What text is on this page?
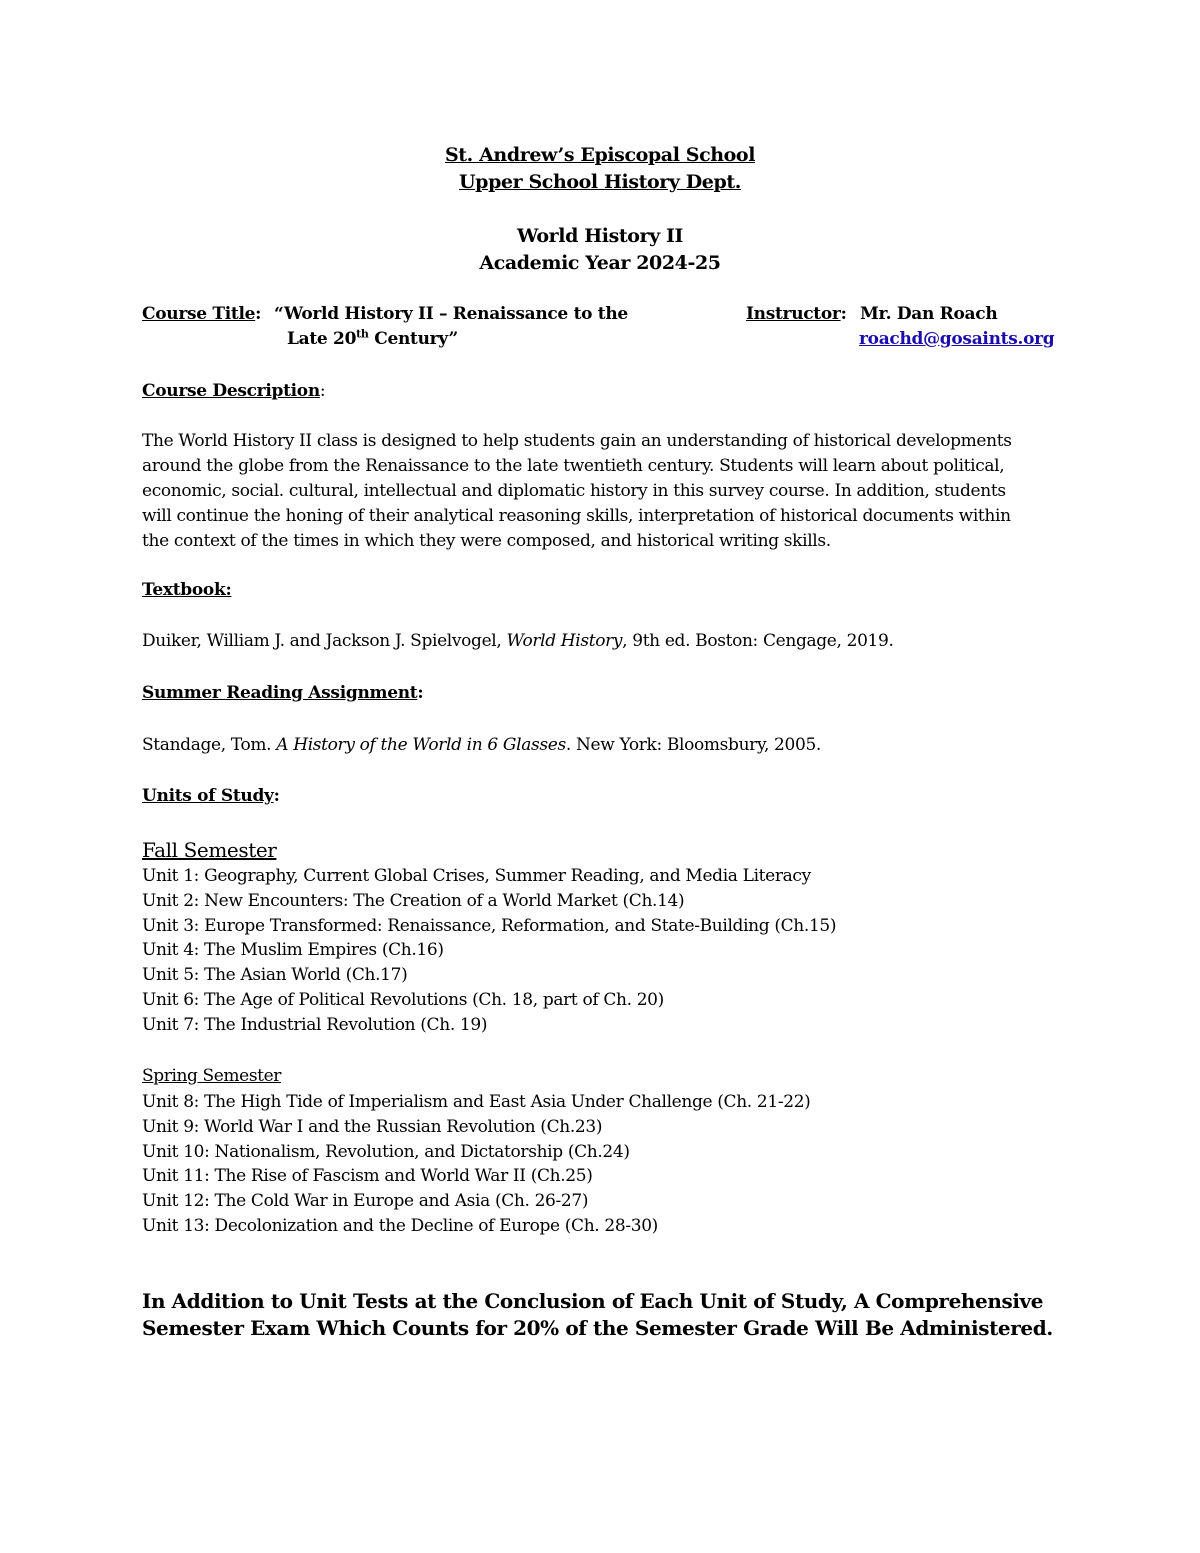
St. Andrew’s Episcopal School
Upper School History Dept.
World History II
Academic Year 2024-25
Course Title: “World History II – Renaissance to the
Late 20th Century”
Instructor: Mr. Dan Roach
roachd@gosaints.org
Course Description:
The World History II class is designed to help students gain an understanding of historical developments
around the globe from the Renaissance to the late twentieth century. Students will learn about political,
economic, social. cultural, intellectual and diplomatic history in this survey course. In addition, students
will continue the honing of their analytical reasoning skills, interpretation of historical documents within
the context of the times in which they were composed, and historical writing skills.
Textbook:
Duiker, William J. and Jackson J. Spielvogel, World History, 9th ed. Boston: Cengage, 2019.
Summer Reading Assignment:
Standage, Tom. A History of the World in 6 Glasses. New York: Bloomsbury, 2005.
Units of Study:
Fall Semester
Unit 1: Geography, Current Global Crises, Summer Reading, and Media Literacy
Unit 2: New Encounters: The Creation of a World Market (Ch.14)
Unit 3: Europe Transformed: Renaissance, Reformation, and State-Building (Ch.15)
Unit 4: The Muslim Empires (Ch.16)
Unit 5: The Asian World (Ch.17)
Unit 6: The Age of Political Revolutions (Ch. 18, part of Ch. 20)
Unit 7: The Industrial Revolution (Ch. 19)
Spring Semester
Unit 8: The High Tide of Imperialism and East Asia Under Challenge (Ch. 21-22)
Unit 9: World War I and the Russian Revolution (Ch.23)
Unit 10: Nationalism, Revolution, and Dictatorship (Ch.24)
Unit 11: The Rise of Fascism and World War II (Ch.25)
Unit 12: The Cold War in Europe and Asia (Ch. 26-27)
Unit 13: Decolonization and the Decline of Europe (Ch. 28-30)
In Addition to Unit Tests at the Conclusion of Each Unit of Study, A Comprehensive
Semester Exam Which Counts for 20% of the Semester Grade Will Be Administered.
